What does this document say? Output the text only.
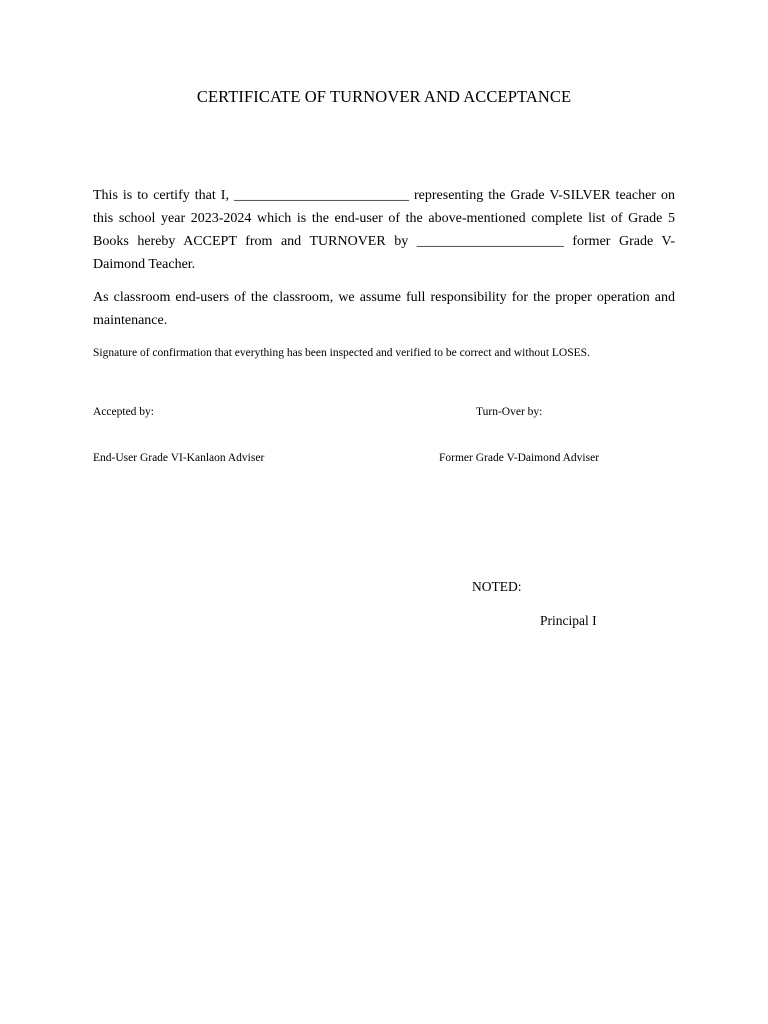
CERTIFICATE OF TURNOVER AND ACCEPTANCE
This is to certify that I, _________________________ representing the Grade V-SILVER teacher on this school year 2023-2024 which is the end-user of the above-mentioned complete list of Grade 5 Books hereby ACCEPT from and TURNOVER by _____________________ former Grade V-Daimond Teacher.
As classroom end-users of the classroom, we assume full responsibility for the proper operation and maintenance.
Signature of confirmation that everything has been inspected and verified to be correct and without LOSES.
Accepted by:	Turn-Over by:
End-User Grade VI-Kanlaon Adviser	Former Grade V-Daimond Adviser
NOTED:
Principal I
